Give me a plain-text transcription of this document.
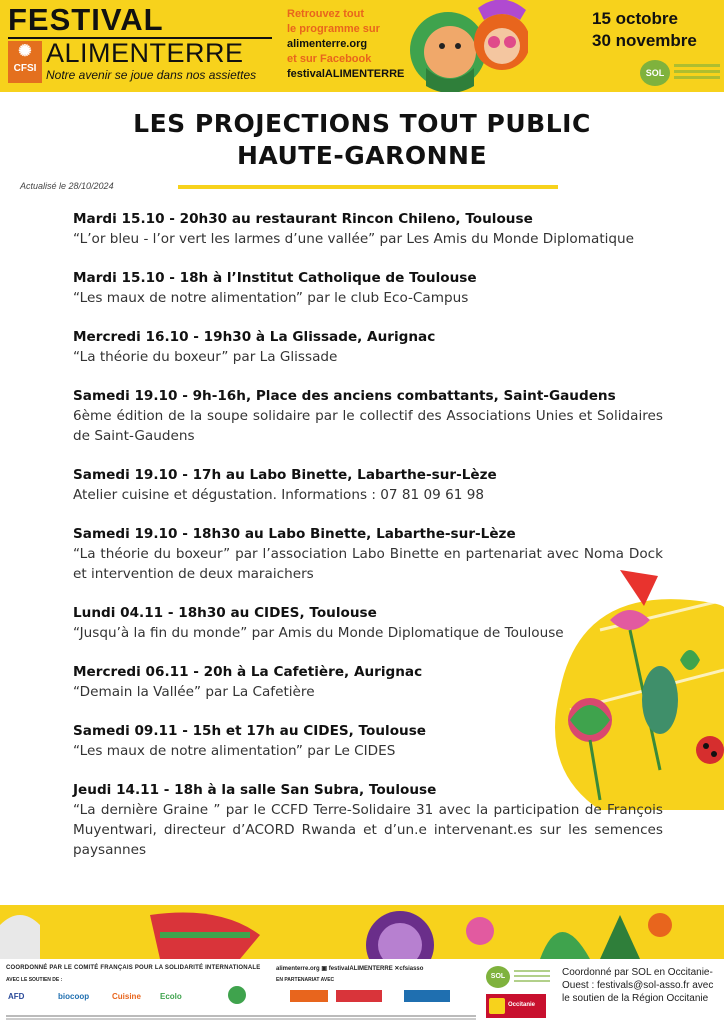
FESTIVAL
✺
CFSI
ALIMENTERRE
Notre avenir se joue dans nos assiettes
Retrouvez tout
le programme sur
alimenterre.org
et sur Facebook
festivalALIMENTERRE
15 octobre
30 novembre
SOL
LES PROJECTIONS TOUT PUBLIC
HAUTE-GARONNE
Actualisé le 28/10/2024
Mardi 15.10 - 20h30 au restaurant Rincon Chileno, Toulouse
“L’or bleu - l’or vert les larmes d’une vallée” par Les Amis du Monde Diplomatique
Mardi 15.10 - 18h à l’Institut Catholique de Toulouse
“Les maux de notre alimentation” par le club Eco-Campus
Mercredi 16.10 - 19h30 à La Glissade, Aurignac
“La théorie du boxeur” par La Glissade
Samedi 19.10 - 9h-16h, Place des anciens combattants, Saint-Gaudens
6ème édition de la soupe solidaire par le collectif des Associations Unies et Solidaires de Saint-Gaudens
Samedi 19.10 - 17h au Labo Binette, Labarthe-sur-Lèze
Atelier cuisine et dégustation. Informations : 07 81 09 61 98
Samedi 19.10 - 18h30 au Labo Binette, Labarthe-sur-Lèze
“La théorie du boxeur” par l’association Labo Binette en partenariat avec Noma Dock et intervention de deux maraichers
Lundi 04.11 - 18h30 au CIDES, Toulouse
“Jusqu’à la fin du monde” par Amis du Monde Diplomatique de Toulouse
Mercredi 06.11 - 20h à La Cafetière, Aurignac
“Demain la Vallée” par La Cafetière
Samedi 09.11 - 15h et 17h au CIDES, Toulouse
“Les maux de notre alimentation” par Le CIDES
Jeudi 14.11 - 18h à la salle San Subra, Toulouse
“La dernière Graine ” par le CCFD Terre-Solidaire 31 avec la participation de François Muyentwari, directeur d’ACORD Rwanda et d’un.e intervenant.es sur les semences paysannes
COORDONNÉ PAR LE COMITÉ FRANÇAIS POUR LA SOLIDARITÉ INTERNATIONALE	alimenterre.org ▣ festivalALIMENTERRE ✕cfsiasso
AVEC LE SOUTIEN DE :	EN PARTENARIAT AVEC
AFD	biocoop	Cuisine Ecolo
SOL
Occitanie
Coordonné par SOL en Occitanie-Ouest : festivals@sol-asso.fr avec le soutien de la Région Occitanie
